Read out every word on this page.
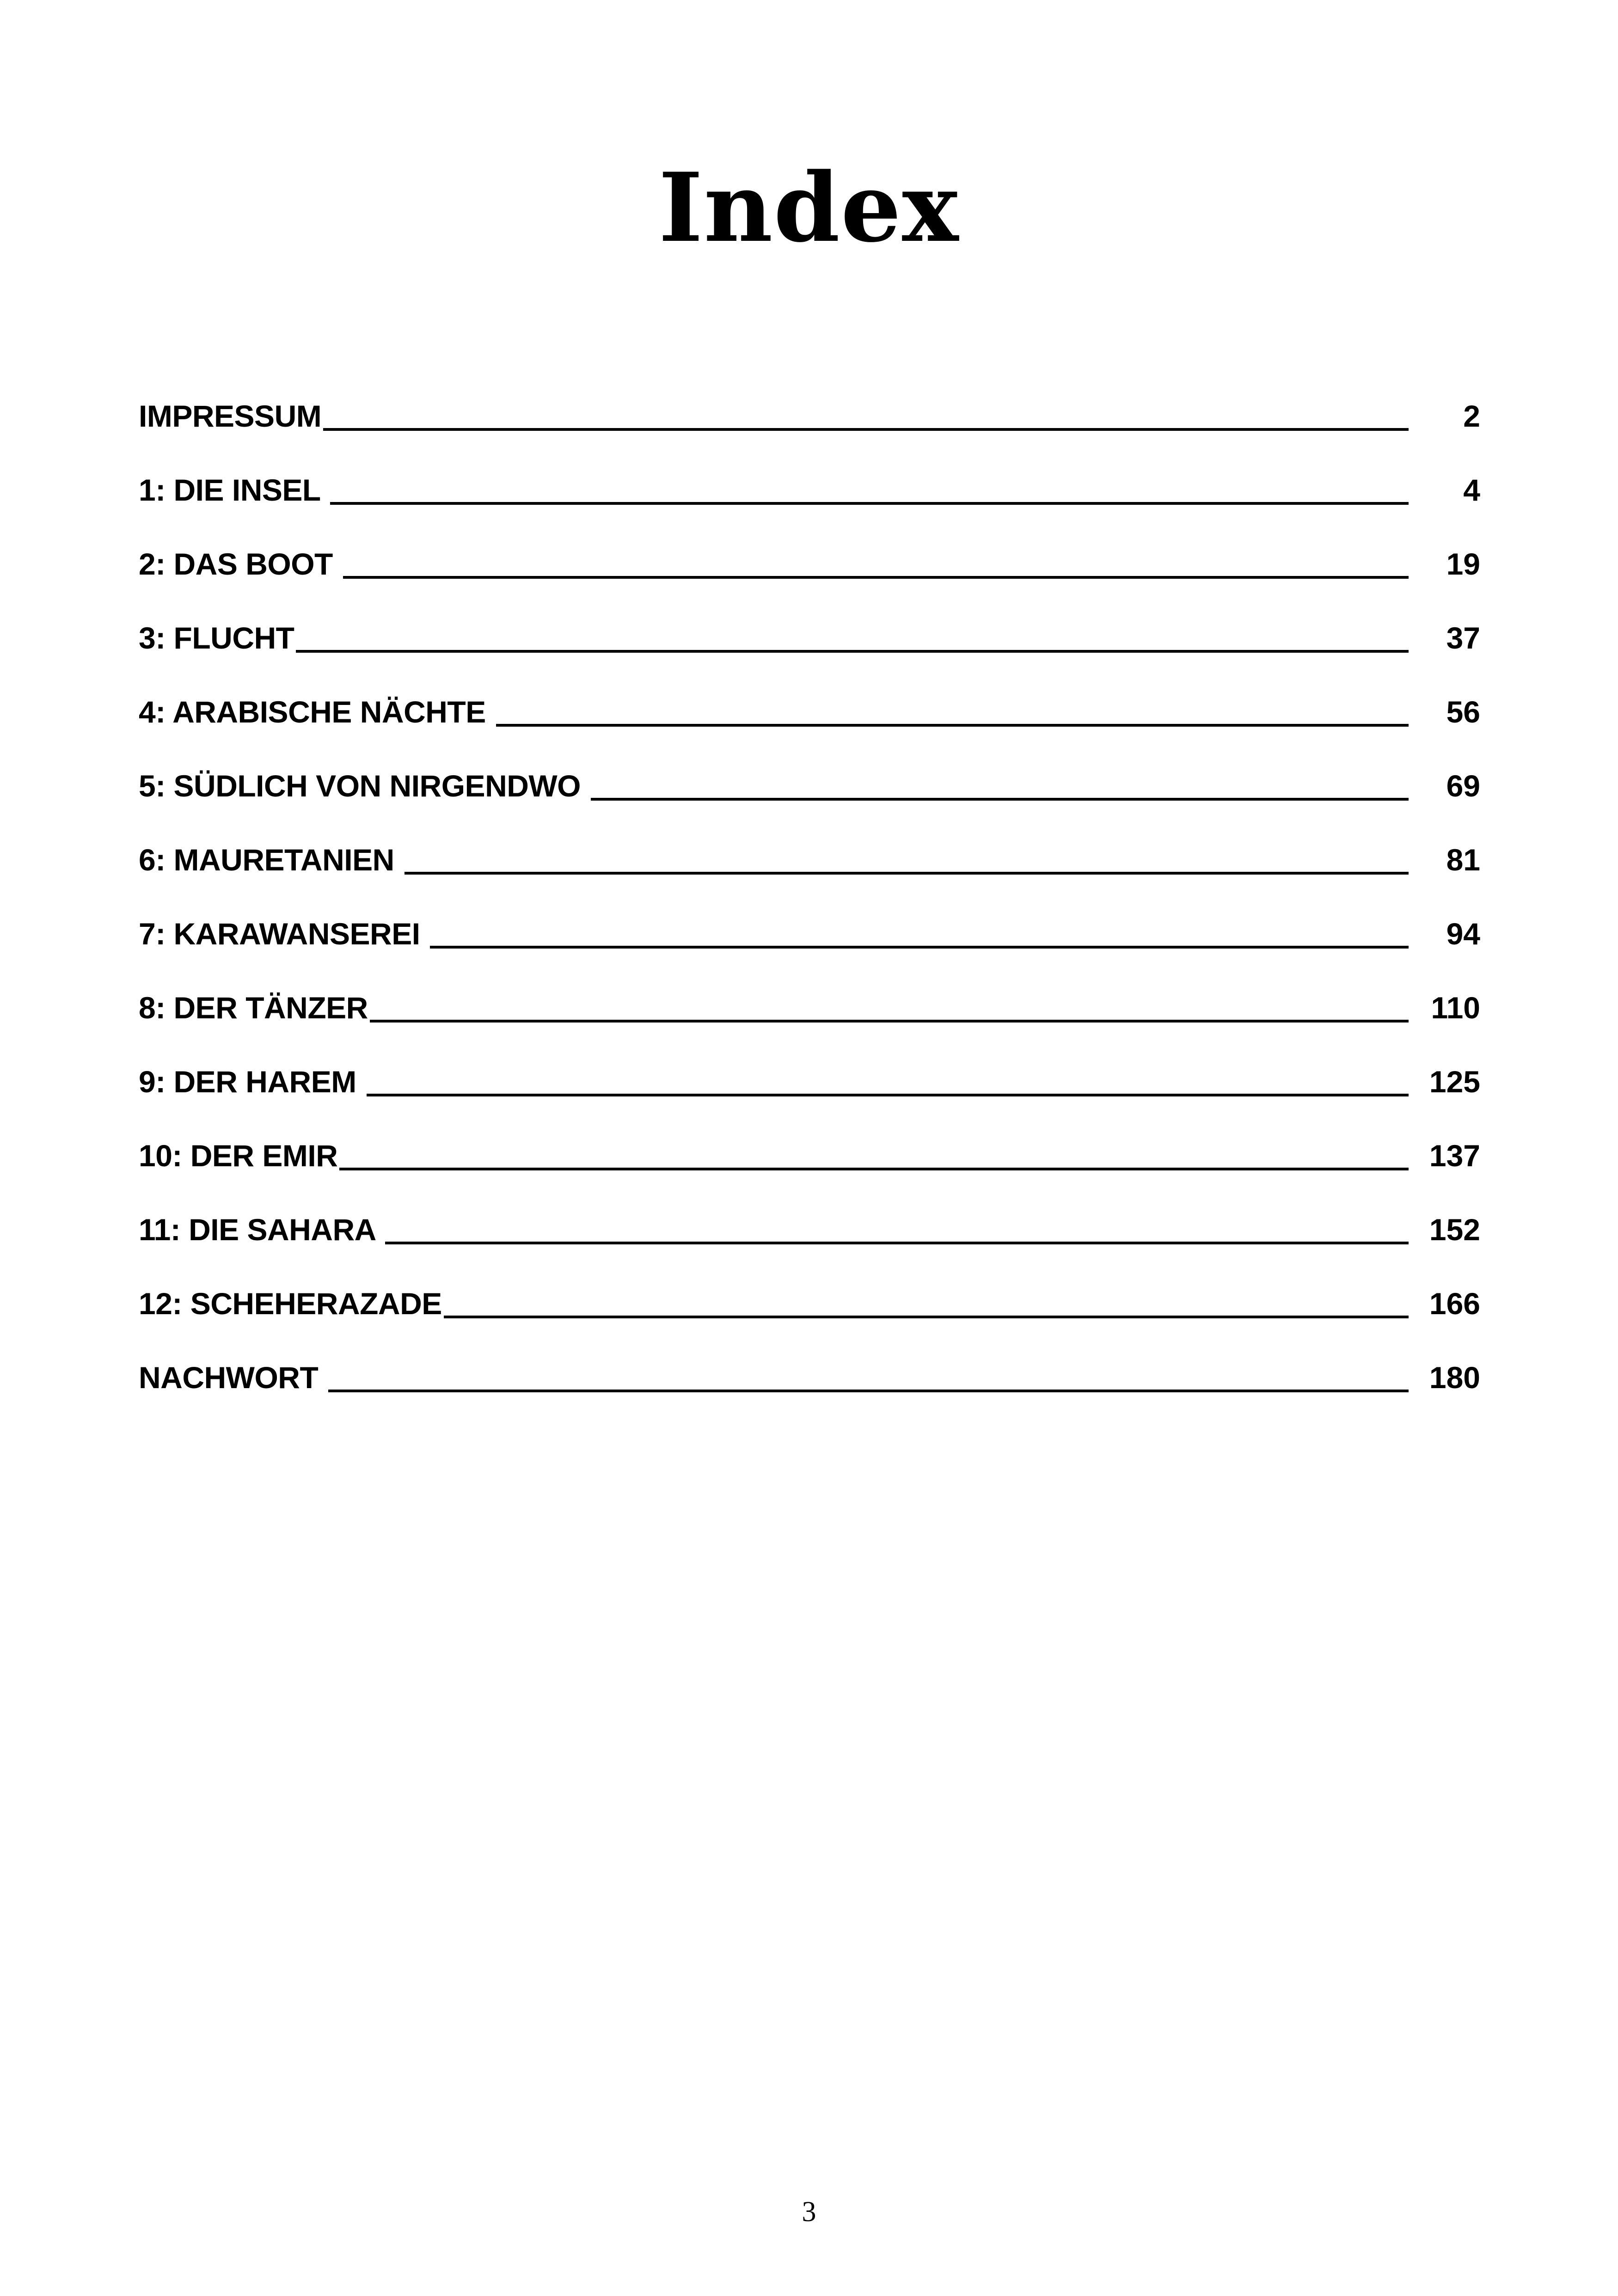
Index
IMPRESSUM	2
1: DIE INSEL	4
2: DAS BOOT	19
3: FLUCHT	37
4: ARABISCHE NÄCHTE	56
5: SÜDLICH VON NIRGENDWO	69
6: MAURETANIEN	81
7: KARAWANSEREI	94
8: DER TÄNZER	110
9: DER HAREM	125
10: DER EMIR	137
11: DIE SAHARA	152
12: SCHEHERAZADE	166
NACHWORT	180
3
